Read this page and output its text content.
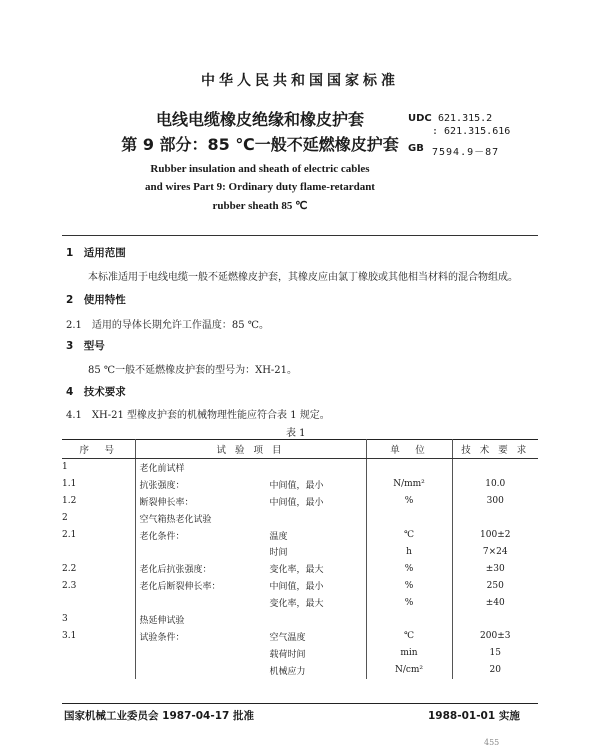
中华人民共和国国家标准
电线电缆橡皮绝缘和橡皮护套
第 9 部分：85 ℃一般不延燃橡皮护套
UDC 621.315.2
: 621.315.616
GB 7594.9－87
Rubber insulation and sheath of electric cables
and wires Part 9: Ordinary duty flame-retardant
rubber sheath 85 ℃
1　适用范围
本标准适用于电线电缆一般不延燃橡皮护套，其橡皮应由氯丁橡胶或其他相当材料的混合物组成。
2　使用特性
2.1　适用的导体长期允许工作温度：85 ℃。
3　型号
85 ℃一般不延燃橡皮护套的型号为：XH-21。
4　技术要求
4.1　XH-21 型橡皮护套的机械物理性能应符合表 1 规定。
表 1
序　号	试 验 项 目	单　位	技 术 要 求
1	老化前试样		

1.1	抗张强度： 中间值，最小	N/mm²	10.0
1.2	断裂伸长率： 中间值，最小	%	300
2	空气箱热老化试验		

2.1	老化条件： 温度	℃	100±2

	时间	h	7×24
2.2	老化后抗张强度： 变化率，最大	%	±30
2.3	老化后断裂伸长率： 中间值，最小	%	250

	变化率，最大	%	±40
3	热延伸试验		

3.1	试验条件： 空气温度	℃	200±3

	载荷时间	min	15

	机械应力	N/cm²	20
国家机械工业委员会 1987-04-17 批准	1988-01-01 实施
455
